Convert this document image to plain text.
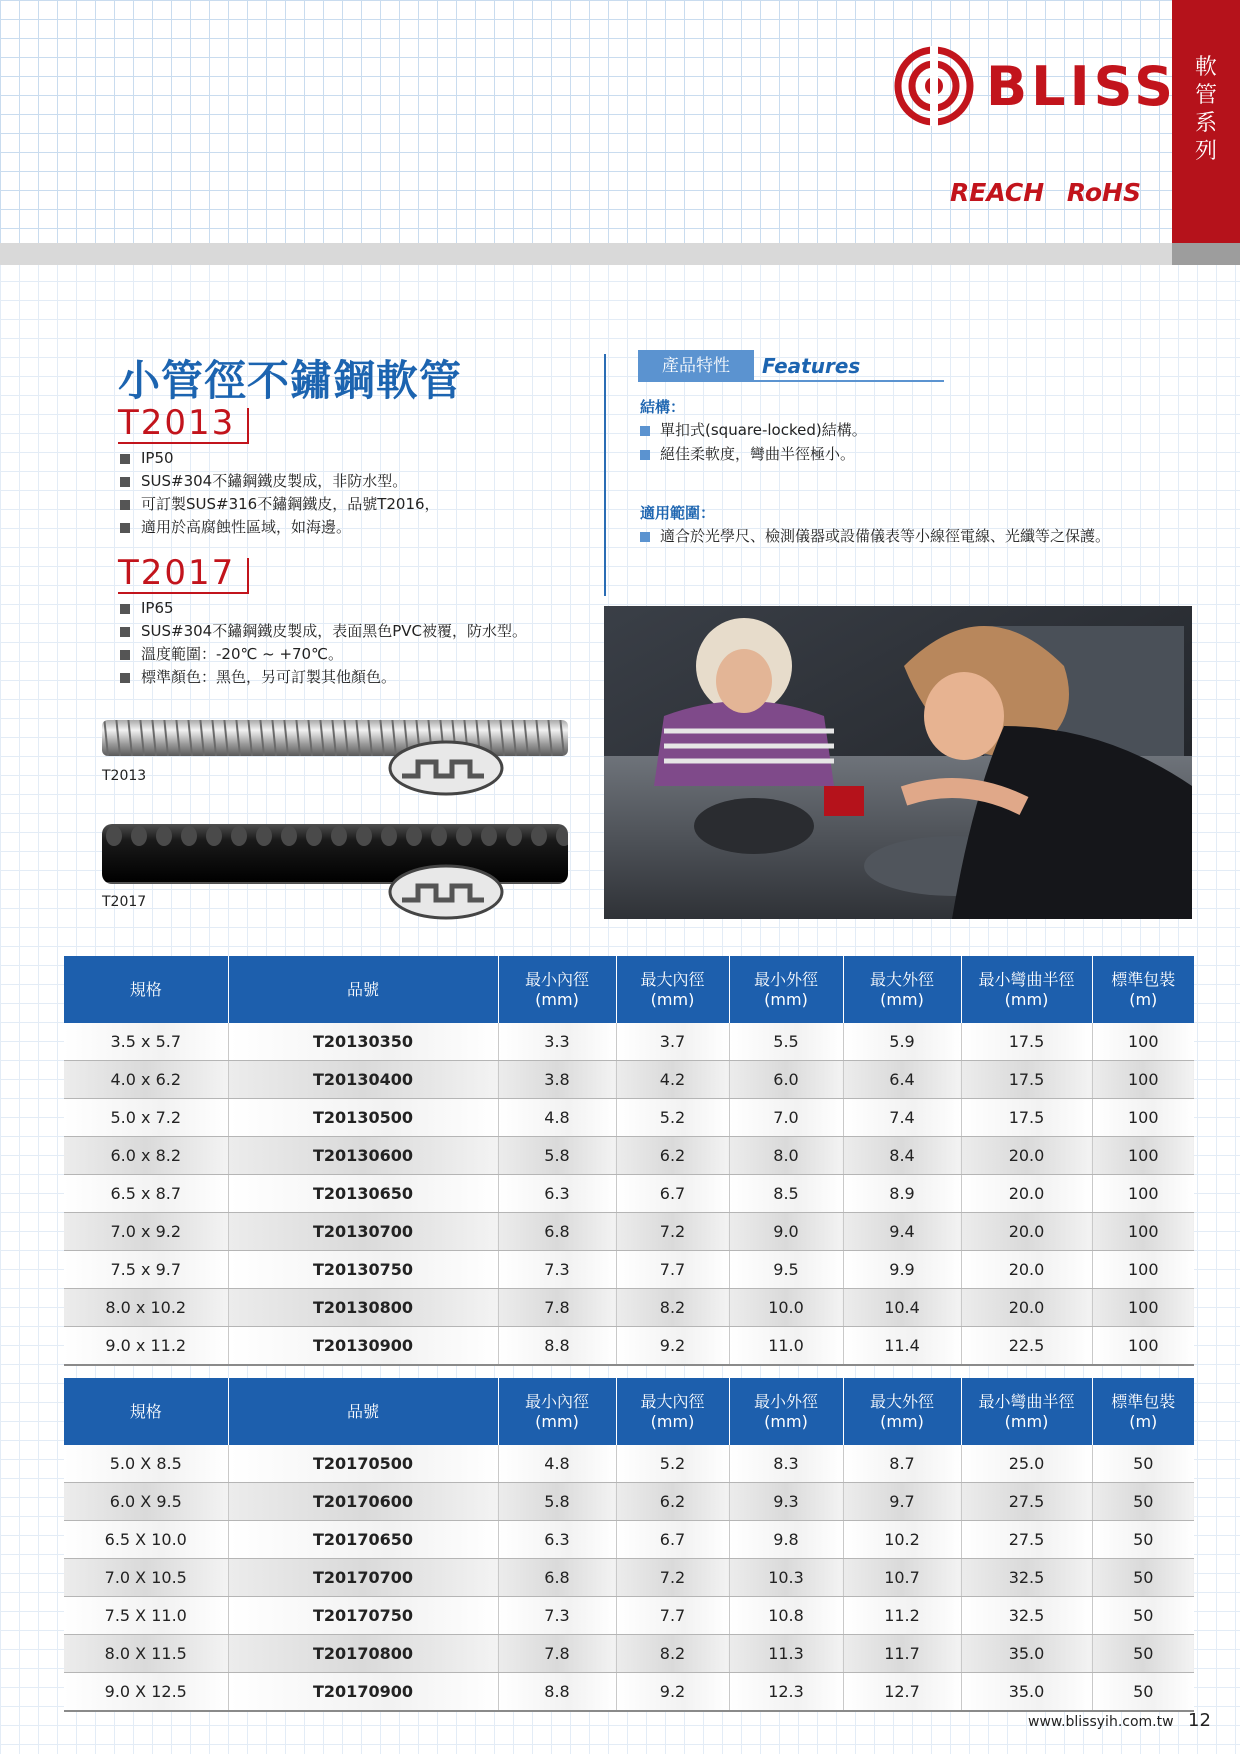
軟
管
系
列
BLISS
REACH RoHS
小管徑不鏽鋼軟管
T2013
IP50
SUS#304不鏽鋼鐵皮製成，非防水型。
可訂製SUS#316不鏽鋼鐵皮，品號T2016，
適用於高腐蝕性區域，如海邊。
T2017
IP65
SUS#304不鏽鋼鐵皮製成，表面黑色PVC被覆，防水型。
溫度範圍：-20℃ ~ +70℃。
標準顏色：黑色，另可訂製其他顏色。
T2013
T2017
產品特性	Features
結構：
單扣式(square-locked)結構。
絕佳柔軟度，彎曲半徑極小。
適用範圍：
適合於光學尺、檢測儀器或設備儀表等小線徑電線、光纖等之保護。
規格	品號	最小內徑
(mm)	最大內徑
(mm)	最小外徑
(mm)	最大外徑
(mm)	最小彎曲半徑
(mm)	標準包裝
(m)
3.5 x 5.7	T20130350	3.3	3.7	5.5	5.9	17.5	100
4.0 x 6.2	T20130400	3.8	4.2	6.0	6.4	17.5	100
5.0 x 7.2	T20130500	4.8	5.2	7.0	7.4	17.5	100
6.0 x 8.2	T20130600	5.8	6.2	8.0	8.4	20.0	100
6.5 x 8.7	T20130650	6.3	6.7	8.5	8.9	20.0	100
7.0 x 9.2	T20130700	6.8	7.2	9.0	9.4	20.0	100
7.5 x 9.7	T20130750	7.3	7.7	9.5	9.9	20.0	100
8.0 x 10.2	T20130800	7.8	8.2	10.0	10.4	20.0	100
9.0 x 11.2	T20130900	8.8	9.2	11.0	11.4	22.5	100
規格	品號	最小內徑
(mm)	最大內徑
(mm)	最小外徑
(mm)	最大外徑
(mm)	最小彎曲半徑
(mm)	標準包裝
(m)
5.0 X 8.5	T20170500	4.8	5.2	8.3	8.7	25.0	50
6.0 X 9.5	T20170600	5.8	6.2	9.3	9.7	27.5	50
6.5 X 10.0	T20170650	6.3	6.7	9.8	10.2	27.5	50
7.0 X 10.5	T20170700	6.8	7.2	10.3	10.7	32.5	50
7.5 X 11.0	T20170750	7.3	7.7	10.8	11.2	32.5	50
8.0 X 11.5	T20170800	7.8	8.2	11.3	11.7	35.0	50
9.0 X 12.5	T20170900	8.8	9.2	12.3	12.7	35.0	50
www.blissyih.com.tw 12
